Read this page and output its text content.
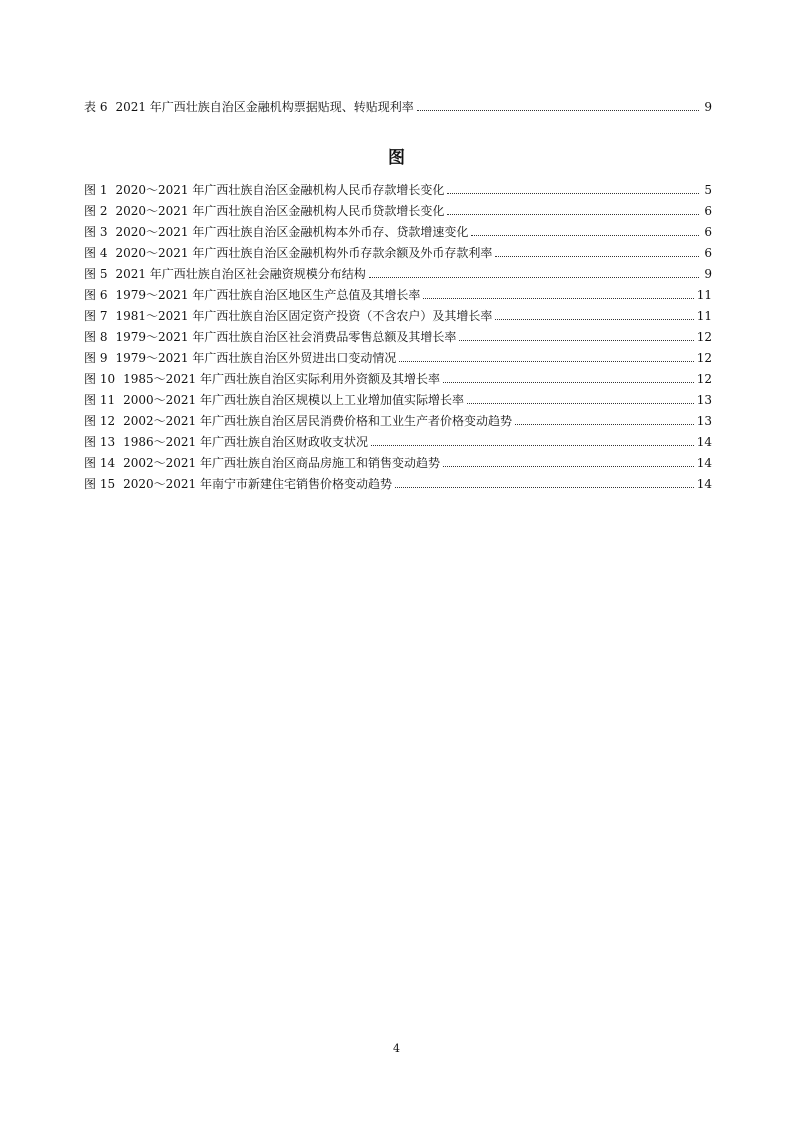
表 6 2021 年广西壮族自治区金融机构票据贴现、转贴现利率	9
图
图 1 2020～2021 年广西壮族自治区金融机构人民币存款增长变化	5
图 2 2020～2021 年广西壮族自治区金融机构人民币贷款增长变化	6
图 3 2020～2021 年广西壮族自治区金融机构本外币存、贷款增速变化	6
图 4 2020～2021 年广西壮族自治区金融机构外币存款余额及外币存款利率	6
图 5 2021 年广西壮族自治区社会融资规模分布结构	9
图 6 1979～2021 年广西壮族自治区地区生产总值及其增长率	11
图 7 1981～2021 年广西壮族自治区固定资产投资（不含农户）及其增长率	11
图 8 1979～2021 年广西壮族自治区社会消费品零售总额及其增长率	12
图 9 1979～2021 年广西壮族自治区外贸进出口变动情况	12
图 10 1985～2021 年广西壮族自治区实际利用外资额及其增长率	12
图 11 2000～2021 年广西壮族自治区规模以上工业增加值实际增长率	13
图 12 2002～2021 年广西壮族自治区居民消费价格和工业生产者价格变动趋势	13
图 13 1986～2021 年广西壮族自治区财政收支状况	14
图 14 2002～2021 年广西壮族自治区商品房施工和销售变动趋势	14
图 15 2020～2021 年南宁市新建住宅销售价格变动趋势	14
4
